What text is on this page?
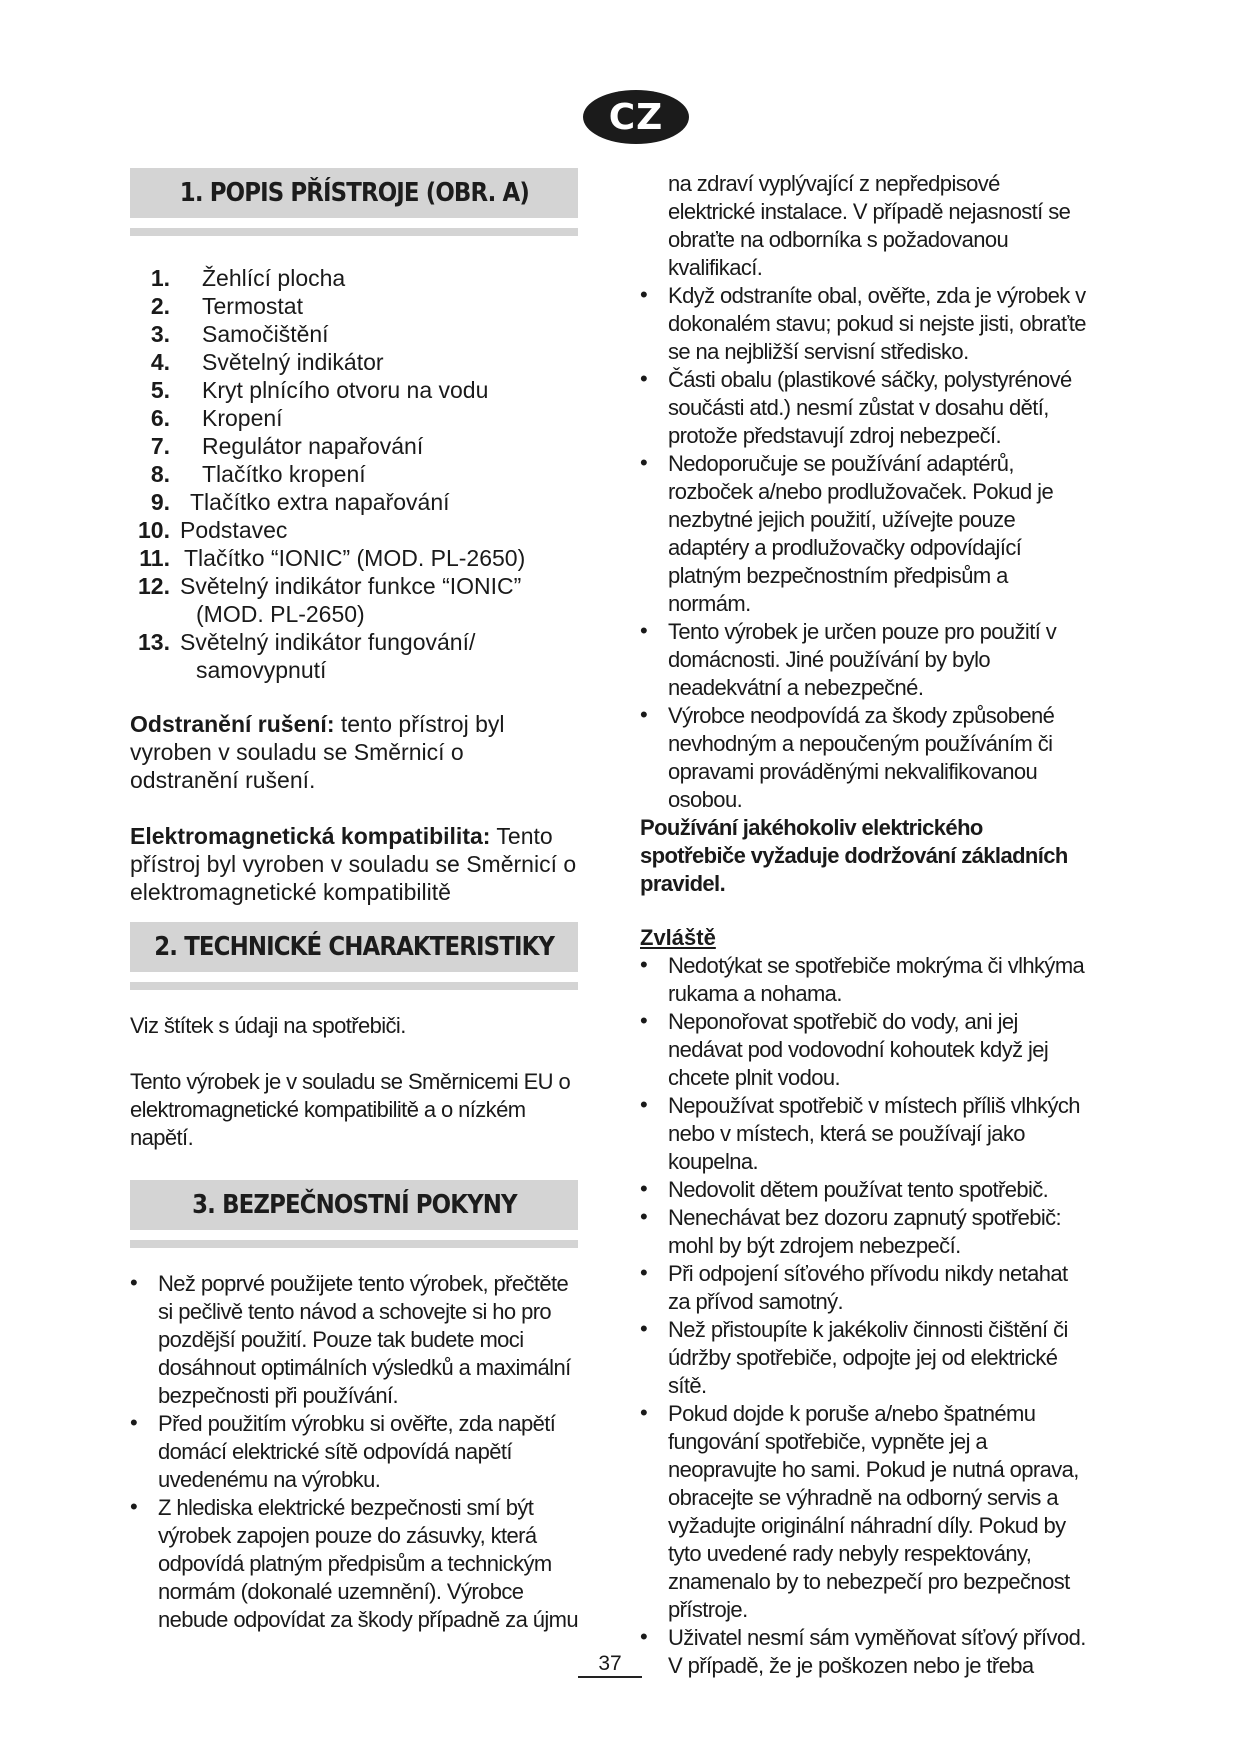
CZ
1. POPIS PŘÍSTROJE (OBR. A)
1.	Žehlící plocha
2.	Termostat
3.	Samočištění
4.	Světelný indikátor
5.	Kryt plnícího otvoru na vodu
6.	Kropení
7.	Regulátor napařování
8.	Tlačítko kropení
9. Tlačítko extra napařování
10. Podstavec
11. Tlačítko “IONIC” (MOD. PL-2650)
12. Světelný indikátor funkce “IONIC”
(MOD. PL-2650)
13. Světelný indikátor fungování/
samovypnutí

Odstranění rušení: tento přístroj byl vyroben v souladu se Směrnicí o odstranění rušení.

Elektromagnetická kompatibilita: Tento přístroj byl vyroben v souladu se Směrnicí o elektromagnetické kompatibilitě

2. TECHNICKÉ CHARAKTERISTIKY

Viz štítek s údaji na spotřebiči.

Tento výrobek je v souladu se Směrnicemi EU o elektromagnetické kompatibilitě a o nízkém napětí.

3. BEZPEČNOSTNÍ POKYNY
• Než poprvé použijete tento výrobek, přečtěte si pečlivě tento návod a schovejte si ho pro pozdější použití. Pouze tak budete moci dosáhnout optimálních výsledků a maximální bezpečnosti při používání.
• Před použitím výrobku si ověřte, zda napětí domácí elektrické sítě odpovídá napětí uvedenému na výrobku.
• Z hlediska elektrické bezpečnosti smí být výrobek zapojen pouze do zásuvky, která odpovídá platným předpisům a technickým normám (dokonalé uzemnění). Výrobce nebude odpovídat za škody případně za újmu

na zdraví vyplývající z nepředpisové elektrické instalace. V případě nejasností se obraťte na odborníka s požadovanou kvalifikací.

• Když odstraníte obal, ověřte, zda je výrobek v dokonalém stavu; pokud si nejste jisti, obraťte se na nejbližší servisní středisko.
• Části obalu (plastikové sáčky, polystyrénové součásti atd.) nesmí zůstat v dosahu dětí, protože představují zdroj nebezpečí.
• Nedoporučuje se používání adaptérů, rozboček a/nebo prodlužovaček. Pokud je nezbytné jejich použití, užívejte pouze adaptéry a prodlužovačky odpovídající platným bezpečnostním předpisům a normám.
• Tento výrobek je určen pouze pro použití v domácnosti. Jiné používání by bylo neadekvátní a nebezpečné.
• Výrobce neodpovídá za škody způsobené nevhodným a nepoučeným používáním či opravami prováděnými nekvalifikovanou osobou.

Používání jakéhokoliv elektrického spotřebiče vyžaduje dodržování základních pravidel.

Zvláště

• Nedotýkat se spotřebiče mokrýma či vlhkýma rukama a nohama.
• Neponořovat spotřebič do vody, ani jej nedávat pod vodovodní kohoutek když jej chcete plnit vodou.
• Nepoužívat spotřebič v místech příliš vlhkých nebo v místech, která se používají jako koupelna.
• Nedovolit dětem používat tento spotřebič.
• Nenechávat bez dozoru zapnutý spotřebič: mohl by být zdrojem nebezpečí.
• Při odpojení síťového přívodu nikdy netahat za přívod samotný.
• Než přistoupíte k jakékoliv činnosti čištění či údržby spotřebiče, odpojte jej od elektrické sítě.
• Pokud dojde k poruše a/nebo špatnému fungování spotřebiče, vypněte jej a neopravujte ho sami. Pokud je nutná oprava, obracejte se výhradně na odborný servis a vyžadujte originální náhradní díly. Pokud by tyto uvedené rady nebyly respektovány, znamenalo by to nebezpečí pro bezpečnost přístroje.
• Uživatel nesmí sám vyměňovat síťový přívod. V případě, že je poškozen nebo je třeba
37
